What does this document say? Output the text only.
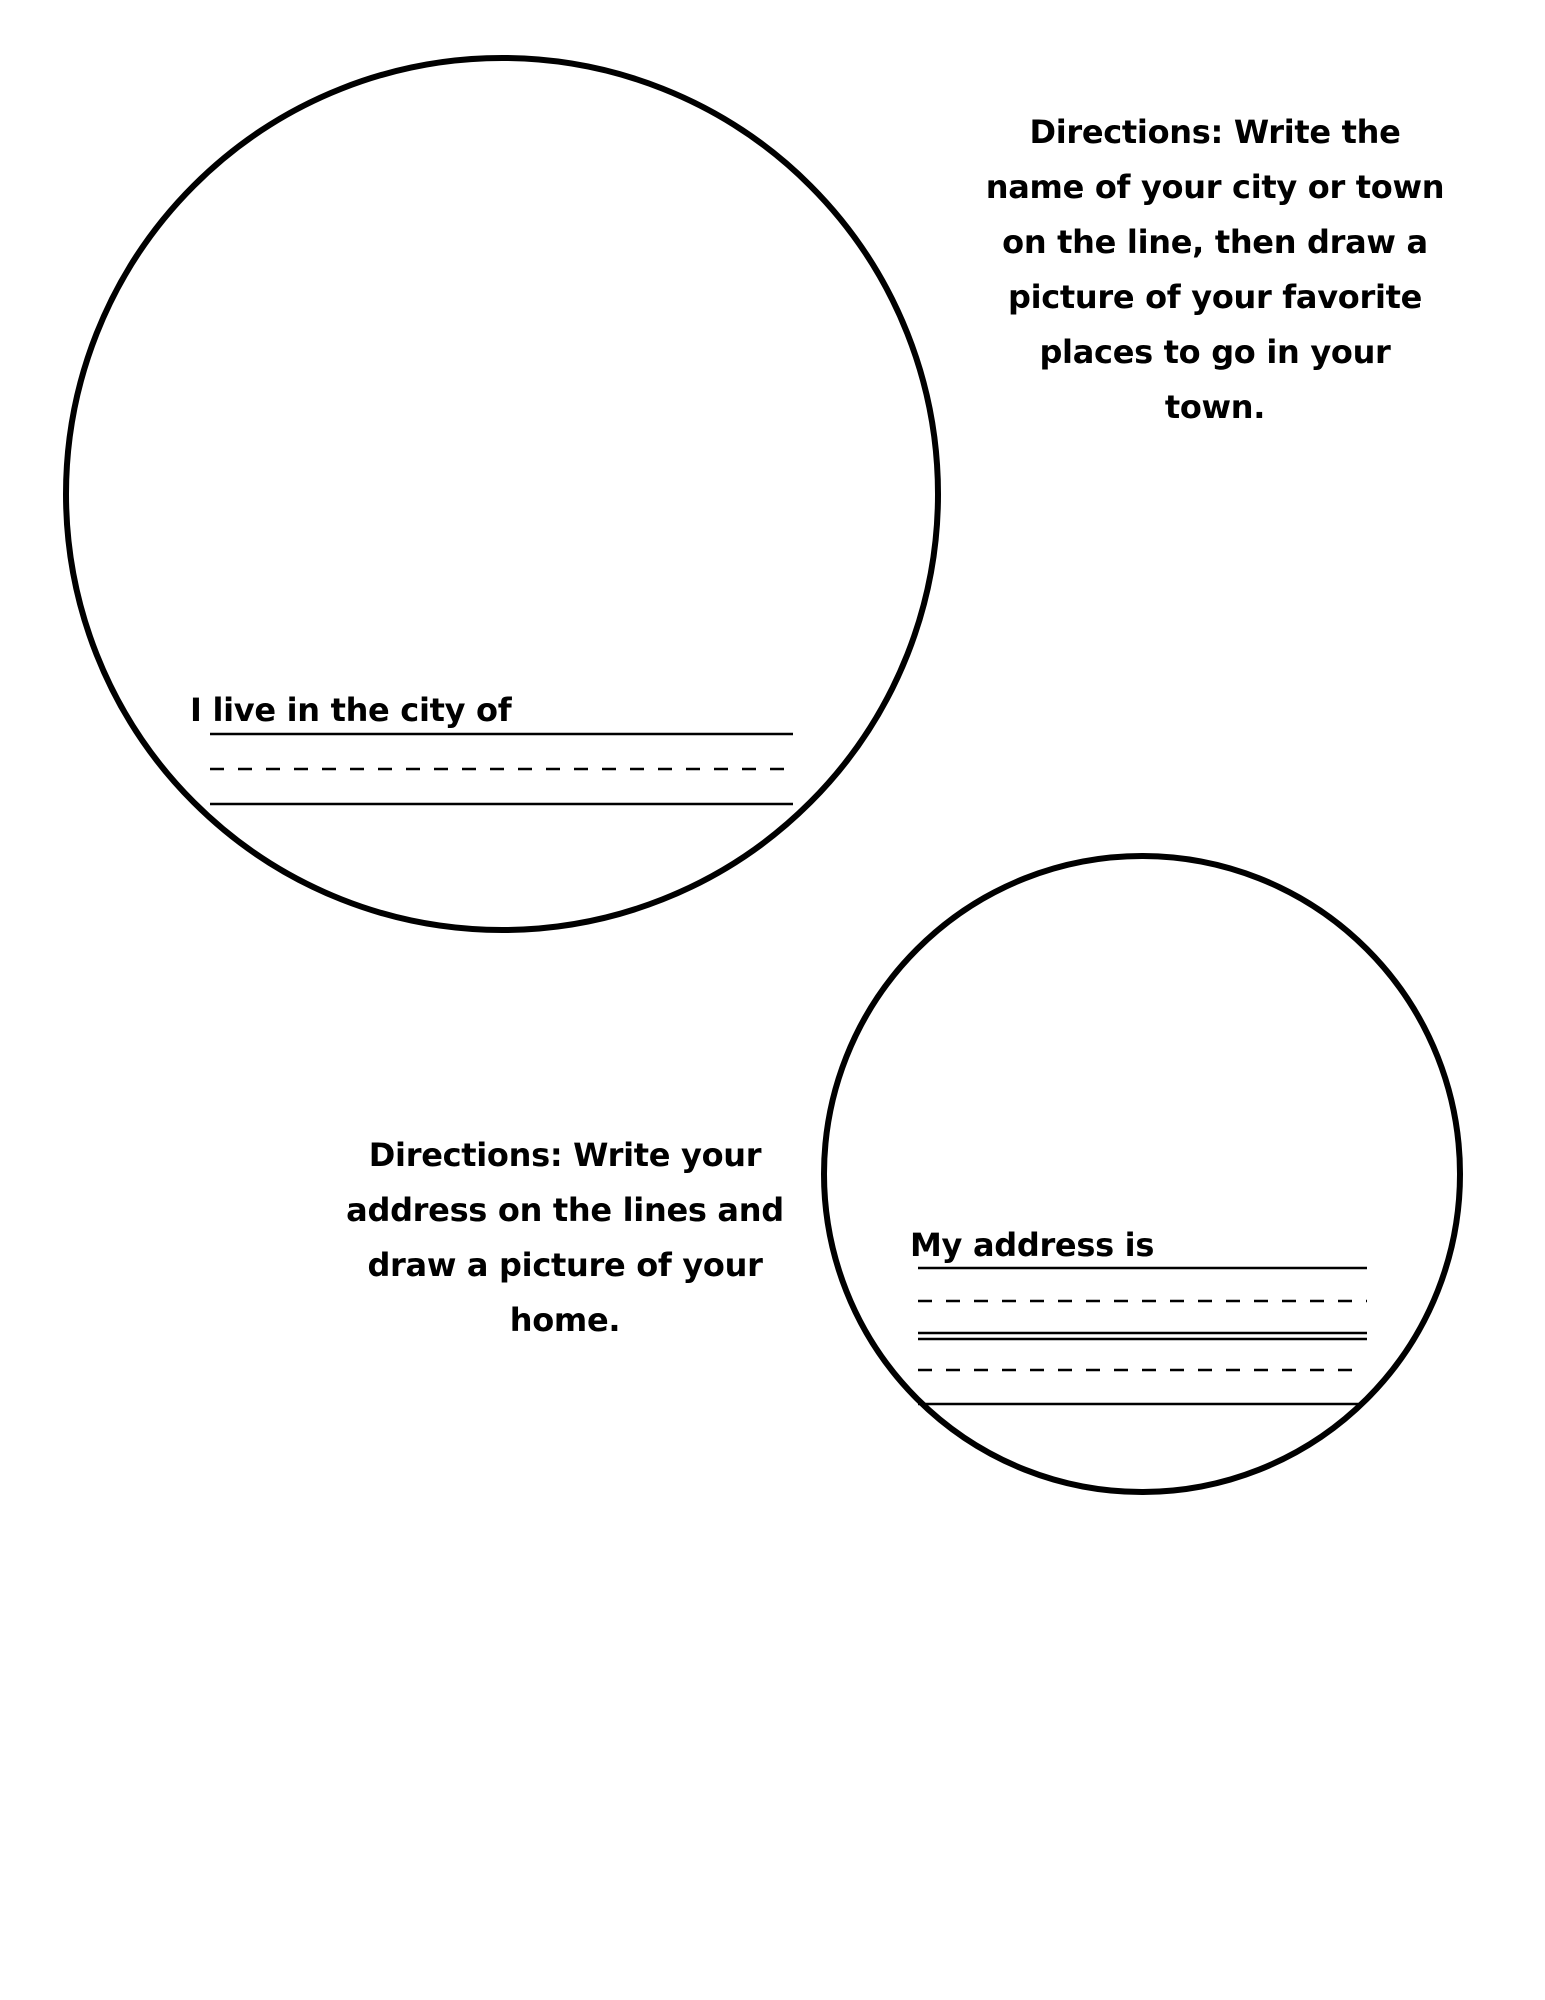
Directions: Write the name of your city or town on the line, then draw a picture of your favorite places to go in your town.
I live in the city of
Directions: Write your address on the lines and draw a picture of your home.
My address is
